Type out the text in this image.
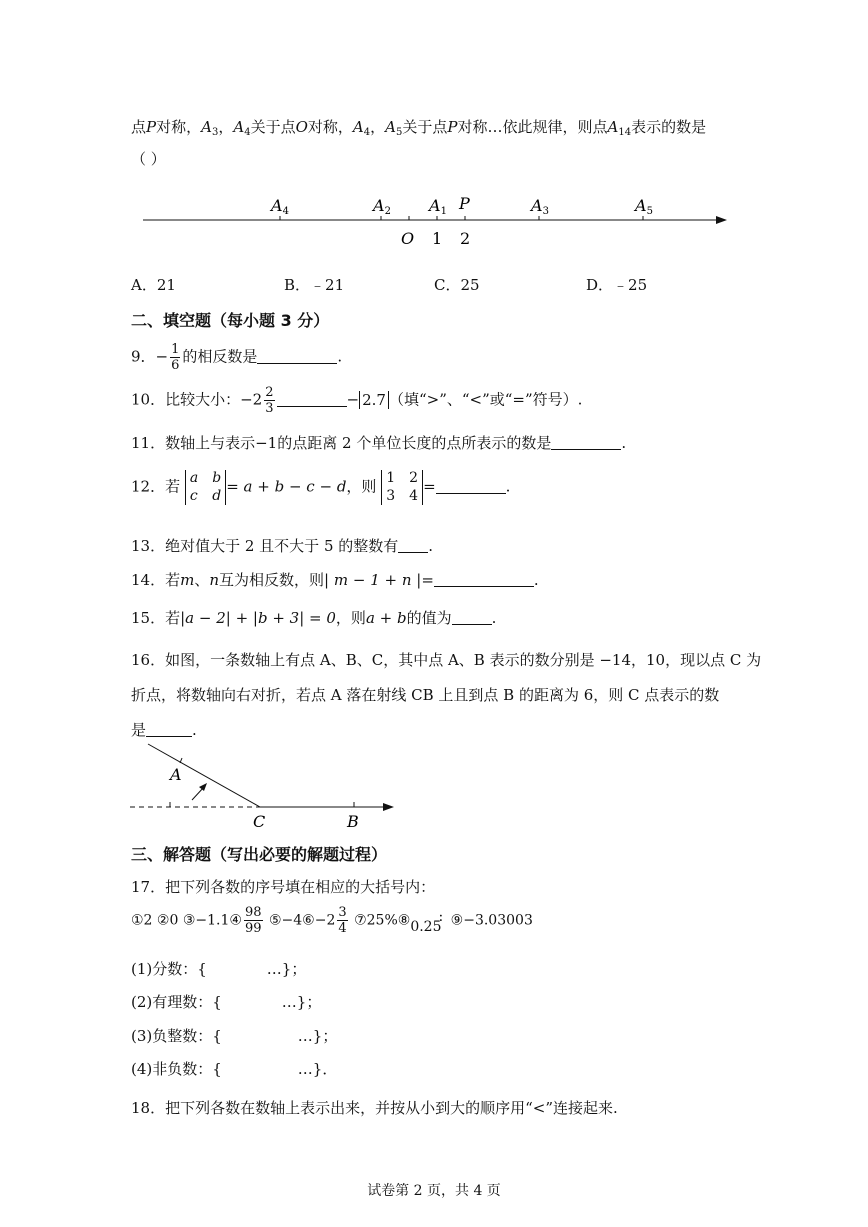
点P对称，$A_3$，$A_4$关于点O对称，$A_4$，$A_5$关于点P对称…依此规律，则点$A_{14}$表示的数是
（ ）
A4	A2 A1 P	A3	A5
O 1 2
A．21	B．﹣21	C．25	D．﹣25
二、填空题（每小题 3 分）
9．− $\frac{1}{6}$ 的相反数是	.
10．比较大小：$-2 \frac{2}{3}$	− 2.7 （填“>”、“<”或“=”符号）.
11．数轴上与表示−1的点距离 2 个单位长度的点所表示的数是	.
12．若 a b
c d = a + b − c − d，则 1 2
3 4 =	.
13．绝对值大于 2 且不大于 5 的整数有 .
14．若m、n互为相反数，则| m − 1 + n |=	.
15．若|a − 2| + |b + 3| = 0，则a + b的值为	.
16．如图，一条数轴上有点 A、B、C，其中点 A、B 表示的数分别是 −14，10，现以点 C 为
折点，将数轴向右对折，若点 A 落在射线 CB 上且到点 B 的距离为 6，则 C 点表示的数
是	.
A
C	B
三、解答题（写出必要的解题过程）
17．把下列各数的序号填在相应的大括号内：
①2 ②0 ③−1.1④ $\frac{98}{99}$ ⑤−4⑥−2 $\frac{3}{4}$ ⑦25%⑧0.25: ⑨−3.03003
(1)分数：{	…}；
(2)有理数：{	…}；
(3)负整数：{	…}；
(4)非负数：{	…}．
18．把下列各数在数轴上表示出来，并按从小到大的顺序用“<”连接起来.
试卷第 2 页，共 4 页
